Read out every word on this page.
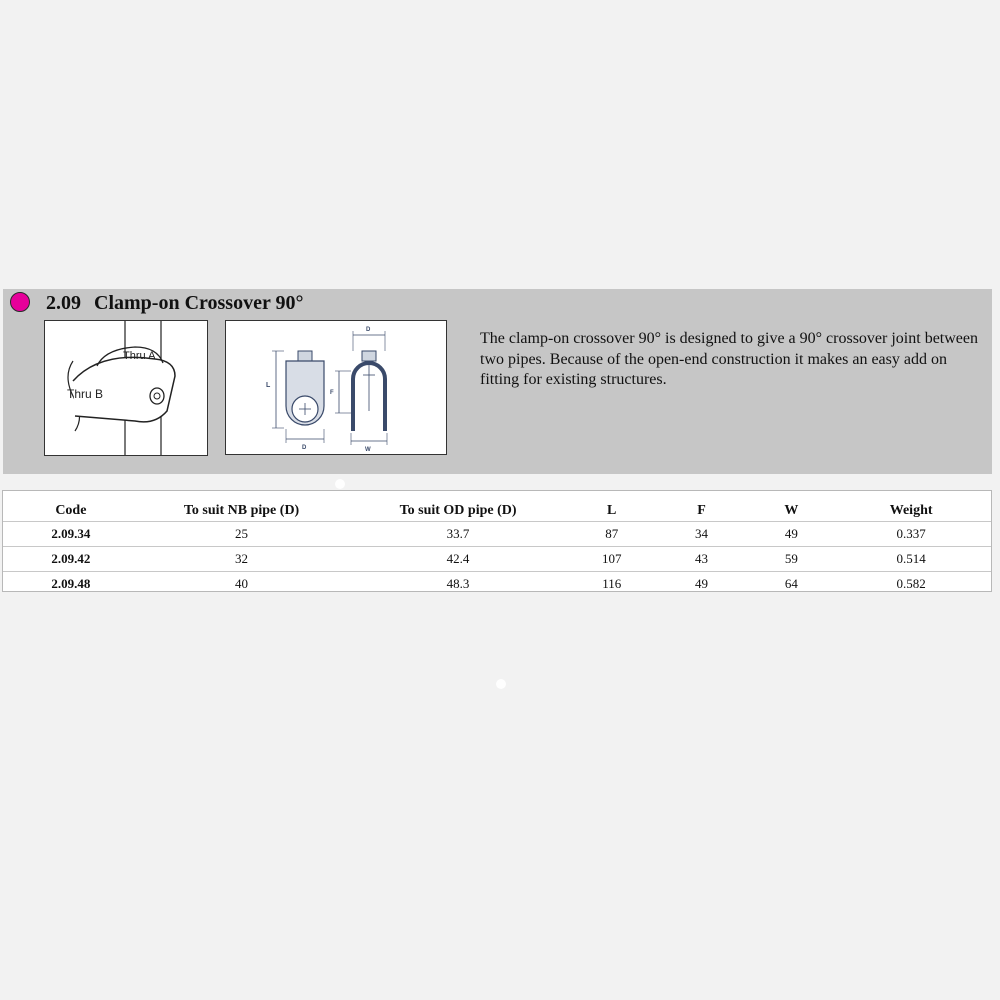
2.09 Clamp-on Crossover 90°
Thru A
Thru B
L
D
D
F
W
The clamp-on crossover 90° is designed to give a 90° crossover joint between two pipes. Because of the open-end construction it makes an easy add on fitting for existing structures.
Code	To suit NB pipe (D)	To suit OD pipe (D)	L	F	W	Weight
2.09.34	25	33.7	87	34	49	0.337
2.09.42	32	42.4	107	43	59	0.514
2.09.48	40	48.3	116	49	64	0.582
